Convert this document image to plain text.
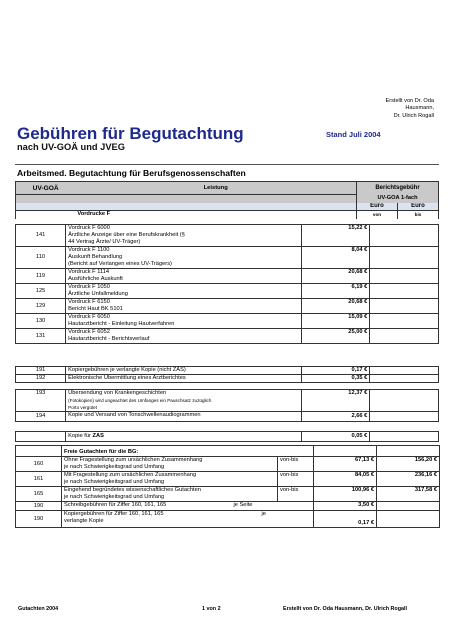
Erstellt von Dr. Oda
Hausmann,
Dr. Ulrich Rogall
Gebühren für Begutachtung	Stand Juli 2004
nach UV-GOÄ und JVEG
Arbeitsmed. Begutachtung für Berufsgenossenschaften
UV-GOÄ	Leistung	Berichtsgebühr	
		UV-GOÄ 1-fach	
		Euro	Euro
	Vordrucke F	von	bis
141	Vordruck F 6000
Ärztliche Anzeige über eine Berufskrankheit (§
44 Vertrag Ärzte/ UV-Träger)	15,22 €	
110	Vordruck F 1100
Auskunft Behandlung
(Bericht auf Verlangen eines UV-Trägers)	8,04 €	
119	Vordruck F 1114
Ausführliche Auskunft	20,68 €	
125	Vordruck F 1050
Ärztliche Unfallmeldung	6,19 €	
129	Vordruck F 6150
Bericht Haut BK 5101	20,68 €	
130	Vordruck F 6050
Hautarztbericht - Einleitung Hautverfahren	15,09 €	
131	Vordruck F 6052
Hautarztbericht - Berichtsverlauf	25,00 €	
191	Kopiergebühren je verlangte Kopie (nicht ZAS)	0,17 €	
192	Elektronische Übermittlung eines Arztberichtes	0,35 €	
193	Übersendung von Krankengeschichten
(Fotokopien) wird ungeachtet des Umfanges ein Pauschsatz zuzüglich
Porto vergütet	12,37 €	
194	Kopie und Versand von Tonschwellenaudiogrammen	2,66 €	
	Kopie für ZAS	0,05 €	
	Freie Gutachten für die BG:			
160	Ohne Fragestellung zum ursächlichen Zusammenhang
je nach Schwierigkeitsgrad und Umfang	von-bis	67,13 €	156,20 €
161	Mit Fragestellung zum ursächlichen Zusammenhang
je nach Schwierigkeitsgrad und Umfang	von-bis	84,05 €	236,16 €
165	Eingehend begründetes wissenschaftliches Gutachten
je nach Schwierigkeitsgrad und Umfang	von-bis	100,96 €	317,58 €
190	Schreibgebühren für Ziffer 160, 161, 165 je Seite		3,50 €	
190	Kopiergebühren für Ziffer 160, 161, 165 je
verlangte Kopie		0,17 €	
Gutachten 2004	1 von 2	Erstellt von Dr. Oda Hausmann, Dr. Ulrich Rogall
